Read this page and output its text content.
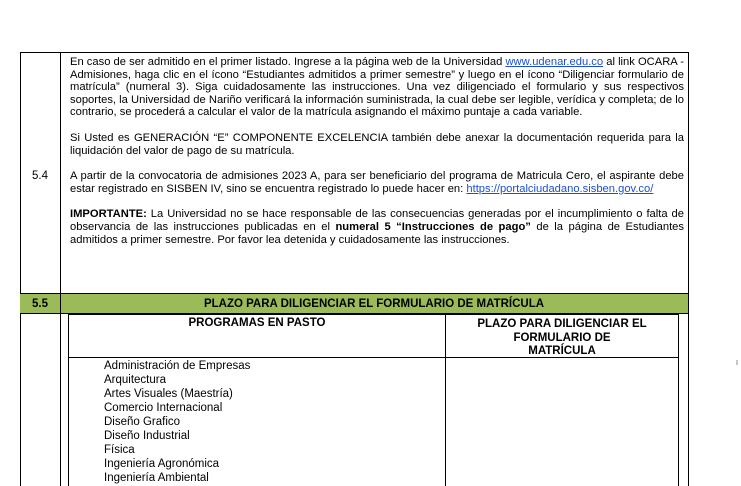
5.4

En caso de ser admitido en el primer listado. Ingrese a la página web de la Universidad www.udenar.edu.co al link OCARA - Admisiones, haga clic en el ícono “Estudiantes admitidos a primer semestre” y luego en el ícono “Diligenciar formulario de matrícula” (numeral 3). Siga cuidadosamente las instrucciones. Una vez diligenciado el formulario y sus respectivos soportes, la Universidad de Nariño verificará la información suministrada, la cual debe ser legible, verídica y completa; de lo contrario, se procederá a calcular el valor de la matrícula asignando el máximo puntaje a cada variable.

Si Usted es GENERACIÓN “E” COMPONENTE EXCELENCIA también debe anexar la documentación requerida para la liquidación del valor de pago de su matrícula.

A partir de la convocatoria de admisiones 2023 A, para ser beneficiario del programa de Matricula Cero, el aspirante debe estar registrado en SISBEN IV, sino se encuentra registrado lo puede hacer en: https://portalciudadano.sisben.gov.co/

IMPORTANTE: La Universidad no se hace responsable de las consecuencias generadas por el incumplimiento o falta de observancia de las instrucciones publicadas en el numeral 5 “Instrucciones de pago” de la página de Estudiantes admitidos a primer semestre. Por favor lea detenida y cuidadosamente las instrucciones.

5.5	PLAZO PARA DILIGENCIAR EL FORMULARIO DE MATRÍCULA
PROGRAMAS EN PASTO	PLAZO PARA DILIGENCIAR EL
FORMULARIO DE
MATRÍCULA
Administración de Empresas
Arquitectura
Artes Visuales (Maestría)
Comercio Internacional
Diseño Grafico
Diseño Industrial
Física
Ingeniería Agronómica
Ingeniería Ambiental
